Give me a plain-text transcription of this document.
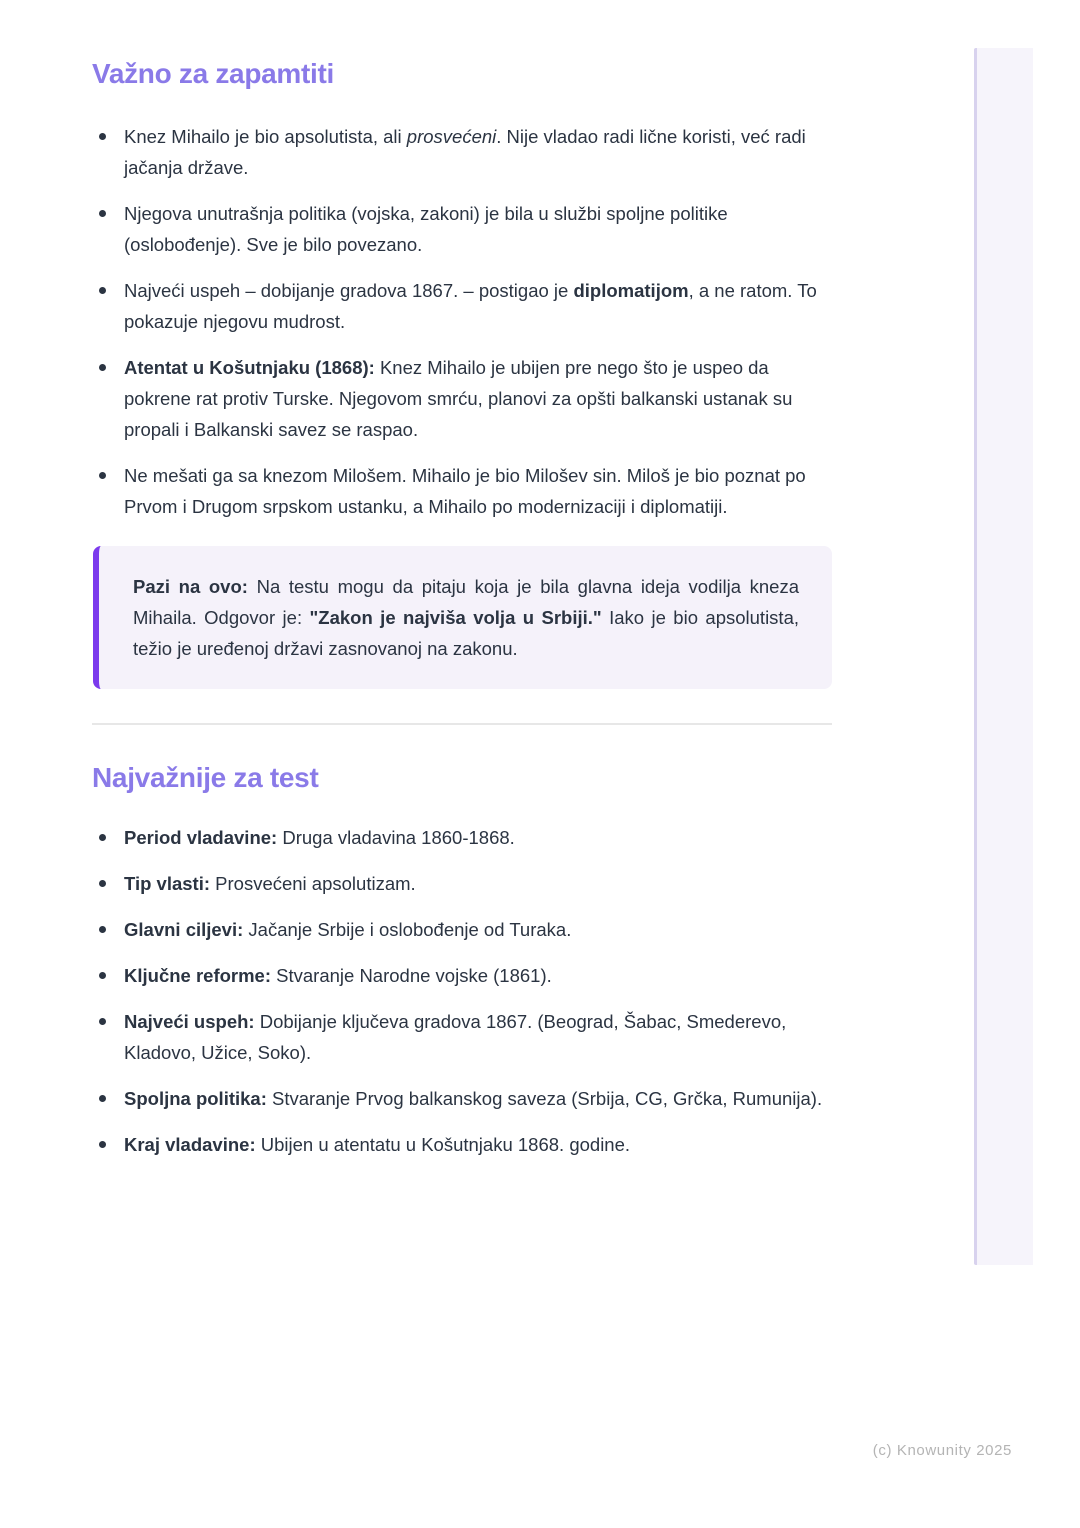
Važno za zapamtiti
Knez Mihailo je bio apsolutista, ali prosvećeni. Nije vladao radi lične koristi, već radi jačanja države.
Njegova unutrašnja politika (vojska, zakoni) je bila u službi spoljne politike (oslobođenje). Sve je bilo povezano.
Najveći uspeh – dobijanje gradova 1867. – postigao je diplomatijom, a ne ratom. To pokazuje njegovu mudrost.
Atentat u Košutnjaku (1868): Knez Mihailo je ubijen pre nego što je uspeo da pokrene rat protiv Turske. Njegovom smrću, planovi za opšti balkanski ustanak su propali i Balkanski savez se raspao.
Ne mešati ga sa knezom Milošem. Mihailo je bio Milošev sin. Miloš je bio poznat po Prvom i Drugom srpskom ustanku, a Mihailo po modernizaciji i diplomatiji.

Pazi na ovo: Na testu mogu da pitaju koja je bila glavna ideja vodilja kneza Mihaila. Odgovor je: "Zakon je najviša volja u Srbiji." Iako je bio apsolutista, težio je uređenoj državi zasnovanoj na zakonu.

Najvažnije za test
Period vladavine: Druga vladavina 1860-1868.
Tip vlasti: Prosvećeni apsolutizam.
Glavni ciljevi: Jačanje Srbije i oslobođenje od Turaka.
Ključne reforme: Stvaranje Narodne vojske (1861).
Najveći uspeh: Dobijanje ključeva gradova 1867. (Beograd, Šabac, Smederevo, Kladovo, Užice, Soko).
Spoljna politika: Stvaranje Prvog balkanskog saveza (Srbija, CG, Grčka, Rumunija).
Kraj vladavine: Ubijen u atentatu u Košutnjaku 1868. godine.
(c) Knowunity 2025
